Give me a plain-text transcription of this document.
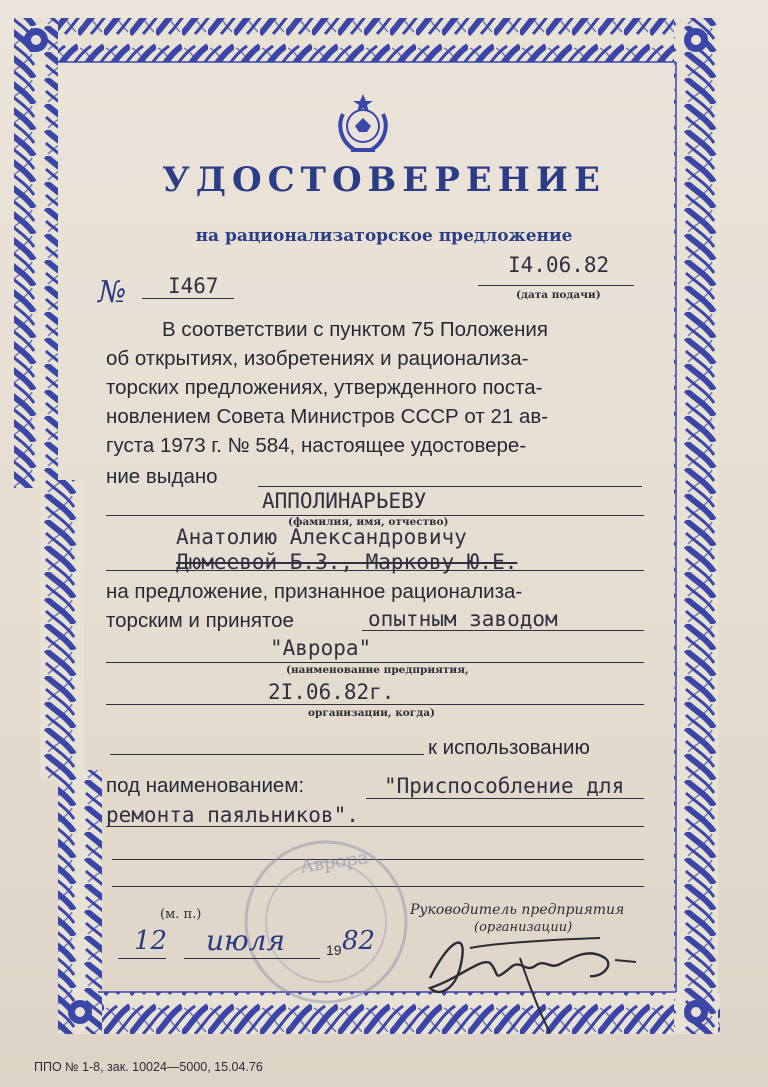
УДОСТОВЕРЕНИЕ
на рационализаторское предложение
№ I467
I4.06.82
(дата подачи)
В соответствии с пунктом 75 Положения
об открытиях, изобретениях и рационализа-
торских предложениях, утвержденного поста-
новлением Совета Министров СССР от 21 ав-
густа 1973 г. № 584, настоящее удостовере-
ние выдано
АППОЛИНАРЬЕВУ
(фамилия, имя, отчество)
Анатолию Александровичу
Дюмеевой Б.З., Маркову Ю.Е.
на предложение, признанное рационализа-
торским и принятое	опытным заводом
"Аврора"
(наименование предприятия,
2I.06.82г.
организации, когда)
к использованию
под наименованием:	"Приспособление для
ремонта паяльников".
Аврора
(м. п.)	Руководитель предприятия
(организации)
12 июля	19 82
ППО № 1-8, зак. 10024—5000, 15.04.76
